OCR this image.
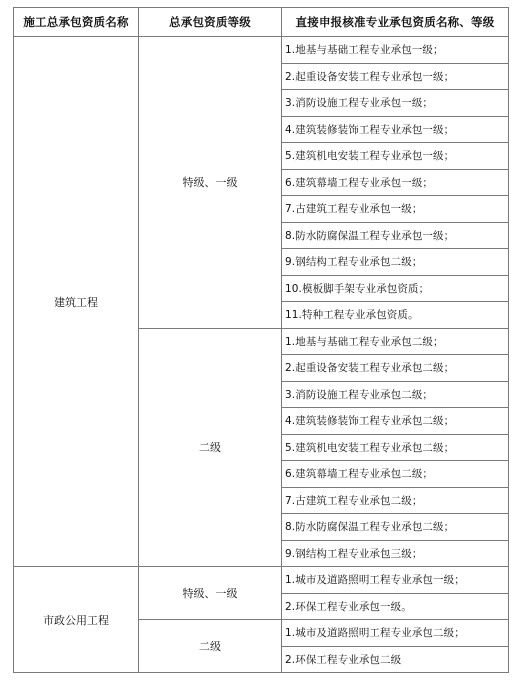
施工总承包资质名称	总承包资质等级	直接申报核准专业承包资质名称、等级
建筑工程	特级、一级	1.地基与基础工程专业承包一级；
		2.起重设备安装工程专业承包一级；
		3.消防设施工程专业承包一级；
		4.建筑装修装饰工程专业承包一级；
		5.建筑机电安装工程专业承包一级；
		6.建筑幕墙工程专业承包一级；
		7.古建筑工程专业承包一级；
		8.防水防腐保温工程专业承包一级；
		9.钢结构工程专业承包二级；
		10.模板脚手架专业承包资质；
		11.特种工程专业承包资质。
	二级	1.地基与基础工程专业承包二级；
		2.起重设备安装工程专业承包二级；
		3.消防设施工程专业承包二级；
		4.建筑装修装饰工程专业承包二级；
		5.建筑机电安装工程专业承包二级；
		6.建筑幕墙工程专业承包二级；
		7.古建筑工程专业承包二级；
		8.防水防腐保温工程专业承包二级；
		9.钢结构工程专业承包三级；
市政公用工程	特级、一级	1.城市及道路照明工程专业承包一级；
		2.环保工程专业承包一级。
	二级	1.城市及道路照明工程专业承包二级；
		2.环保工程专业承包二级
